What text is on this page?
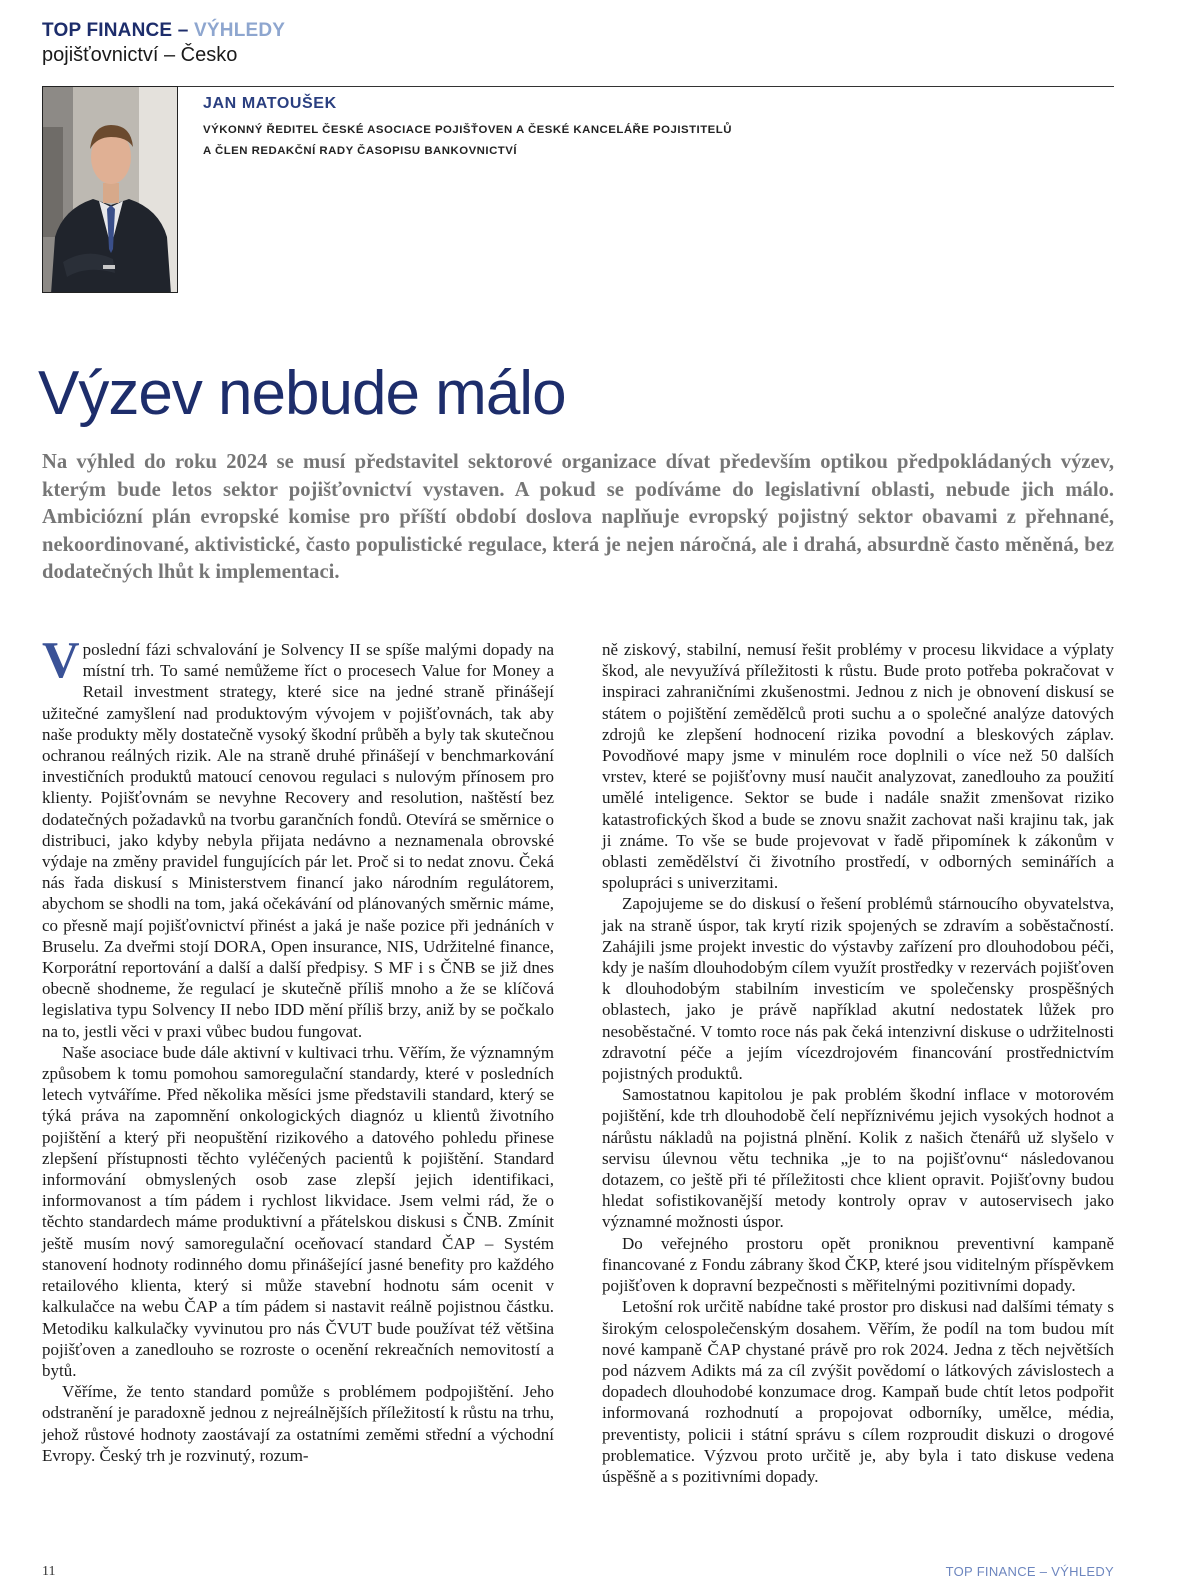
TOP FINANCE – VÝHLEDY
pojišťovnictví – Česko
JAN MATOUŠEK
VÝKONNÝ ŘEDITEL ČESKÉ ASOCIACE POJIŠŤOVEN A ČESKÉ KANCELÁŘE POJISTITELŮ
A ČLEN REDAKČNÍ RADY ČASOPISU BANKOVNICTVÍ
Výzev nebude málo

Na výhled do roku 2024 se musí představitel sektorové organizace dívat především optikou předpokládaných výzev, kterým bude letos sektor pojišťovnictví vystaven. A pokud se podíváme do legislativní oblasti, nebude jich málo. Ambiciózní plán evropské komise pro příští období doslova naplňuje evropský pojistný sektor obavami z přehnané, nekoordinované, aktivistické, často populistické regulace, která je nejen náročná, ale i drahá, absurdně často měněná, bez dodatečných lhůt k implementaci.

Vposlední fázi schvalování je Solvency II se spíše malými dopady na místní trh. To samé nemůžeme říct o procesech Value for Money a Retail investment strategy, které sice na jedné straně přinášejí užitečné zamyšlení nad produktovým vývojem v pojišťovnách, tak aby naše produkty měly dostatečně vysoký škodní průběh a byly tak skutečnou ochranou reálných rizik. Ale na straně druhé přinášejí v benchmarkování investičních produktů matoucí cenovou regulaci s nulovým přínosem pro klienty. Pojišťovnám se nevyhne Recovery and resolution, naštěstí bez dodatečných požadavků na tvorbu garančních fondů. Otevírá se směrnice o distribuci, jako kdyby nebyla přijata nedávno a neznamenala obrovské výdaje na změny pravidel fungujících pár let. Proč si to nedat znovu. Čeká nás řada diskusí s Ministerstvem financí jako národním regulátorem, abychom se shodli na tom, jaká očekávání od plánovaných směrnic máme, co přesně mají pojišťovnictví přinést a jaká je naše pozice při jednáních v Bruselu. Za dveřmi stojí DORA, Open insurance, NIS, Udržitelné finance, Korporátní reportování a další a další předpisy. S MF i s ČNB se již dnes obecně shodneme, že regulací je skutečně příliš mnoho a že se klíčová legislativa typu Solvency II nebo IDD mění příliš brzy, aniž by se počkalo na to, jestli věci v praxi vůbec budou fungovat.

Naše asociace bude dále aktivní v kultivaci trhu. Věřím, že významným způsobem k tomu pomohou samoregulační standardy, které v posledních letech vytváříme. Před několika měsíci jsme představili standard, který se týká práva na zapomnění onkologických diagnóz u klientů životního pojištění a který při neopuštění rizikového a datového pohledu přinese zlepšení přístupnosti těchto vyléčených pacientů k pojištění. Standard informování obmyslených osob zase zlepší jejich identifikaci, informovanost a tím pádem i rychlost likvidace. Jsem velmi rád, že o těchto standardech máme produktivní a přátelskou diskusi s ČNB. Zmínit ještě musím nový samoregulační oceňovací standard ČAP – Systém stanovení hodnoty rodinného domu přinášející jasné benefity pro každého retailového klienta, který si může stavební hodnotu sám ocenit v kalkulačce na webu ČAP a tím pádem si nastavit reálně pojistnou částku. Metodiku kalkulačky vyvinutou pro nás ČVUT bude používat též většina pojišťoven a zanedlouho se rozroste o ocenění rekreačních nemovitostí a bytů.

Věříme, že tento standard pomůže s problémem podpojištění. Jeho odstranění je paradoxně jednou z nejreálnějších příležitostí k růstu na trhu, jehož růstové hodnoty zaostávají za ostatními zeměmi střední a východní Evropy. Český trh je rozvinutý, rozum-

ně ziskový, stabilní, nemusí řešit problémy v procesu likvidace a výplaty škod, ale nevyužívá příležitosti k růstu. Bude proto potřeba pokračovat v inspiraci zahraničními zkušenostmi. Jednou z nich je obnovení diskusí se státem o pojištění zemědělců proti suchu a o společné analýze datových zdrojů ke zlepšení hodnocení rizika povodní a bleskových záplav. Povodňové mapy jsme v minulém roce doplnili o více než 50 dalších vrstev, které se pojišťovny musí naučit analyzovat, zanedlouho za použití umělé inteligence. Sektor se bude i nadále snažit zmenšovat riziko katastrofických škod a bude se znovu snažit zachovat naši krajinu tak, jak ji známe. To vše se bude projevovat v řadě připomínek k zákonům v oblasti zemědělství či životního prostředí, v odborných seminářích a spolupráci s univerzitami.

Zapojujeme se do diskusí o řešení problémů stárnoucího obyvatelstva, jak na straně úspor, tak krytí rizik spojených se zdravím a soběstačností. Zahájili jsme projekt investic do výstavby zařízení pro dlouhodobou péči, kdy je naším dlouhodobým cílem využít prostředky v rezervách pojišťoven k dlouhodobým stabilním investicím ve společensky prospěšných oblastech, jako je právě například akutní nedostatek lůžek pro nesoběstačné. V tomto roce nás pak čeká intenzivní diskuse o udržitelnosti zdravotní péče a jejím vícezdrojovém financování prostřednictvím pojistných produktů.

Samostatnou kapitolou je pak problém škodní inflace v motorovém pojištění, kde trh dlouhodobě čelí nepříznivému jejich vysokých hodnot a nárůstu nákladů na pojistná plnění. Kolik z našich čtenářů už slyšelo v servisu úlevnou větu technika „je to na pojišťovnu“ následovanou dotazem, co ještě při té příležitosti chce klient opravit. Pojišťovny budou hledat sofistikovanější metody kontroly oprav v autoservisech jako významné možnosti úspor.

Do veřejného prostoru opět proniknou preventivní kampaně financované z Fondu zábrany škod ČKP, které jsou viditelným příspěvkem pojišťoven k dopravní bezpečnosti s měřitelnými pozitivními dopady.

Letošní rok určitě nabídne také prostor pro diskusi nad dalšími tématy s širokým celospolečenským dosahem. Věřím, že podíl na tom budou mít nové kampaně ČAP chystané právě pro rok 2024. Jedna z těch největších pod názvem Adikts má za cíl zvýšit povědomí o látkových závislostech a dopadech dlouhodobé konzumace drog. Kampaň bude chtít letos podpořit informovaná rozhodnutí a propojovat odborníky, umělce, média, preventisty, policii i státní správu s cílem rozproudit diskuzi o drogové problematice. Výzvou proto určitě je, aby byla i tato diskuse vedena úspěšně a s pozitivními dopady.

11	TOP FINANCE – VÝHLEDY
